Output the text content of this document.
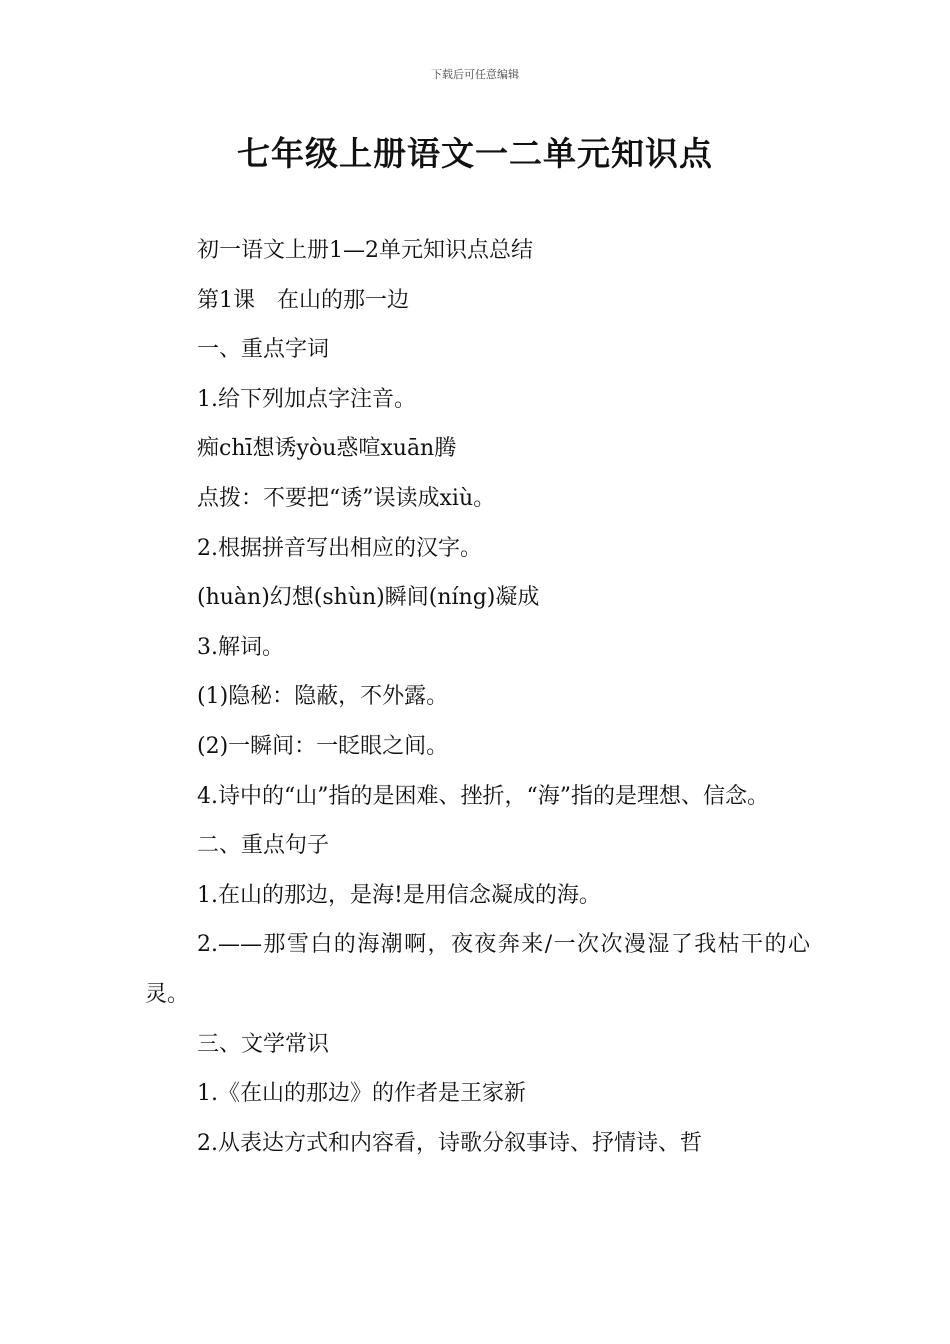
下载后可任意编辑
七年级上册语文一二单元知识点

初一语文上册1—2单元知识点总结

第1课　在山的那一边

一、重点字词

1.给下列加点字注音。

痴chī想诱yòu惑喧xuān腾

点拨：不要把“诱”误读成xiù。

2.根据拼音写出相应的汉字。

(huàn)幻想(shùn)瞬间(níng)凝成

3.解词。

(1)隐秘：隐蔽，不外露。

(2)一瞬间：一眨眼之间。

4.诗中的“山”指的是困难、挫折，“海”指的是理想、信念。

二、重点句子

1.在山的那边，是海!是用信念凝成的海。

2.——那雪白的海潮啊，夜夜奔来/一次次漫湿了我枯干的心灵。

三、文学常识

1.《在山的那边》的作者是王家新

2.从表达方式和内容看，诗歌分叙事诗、抒情诗、哲
